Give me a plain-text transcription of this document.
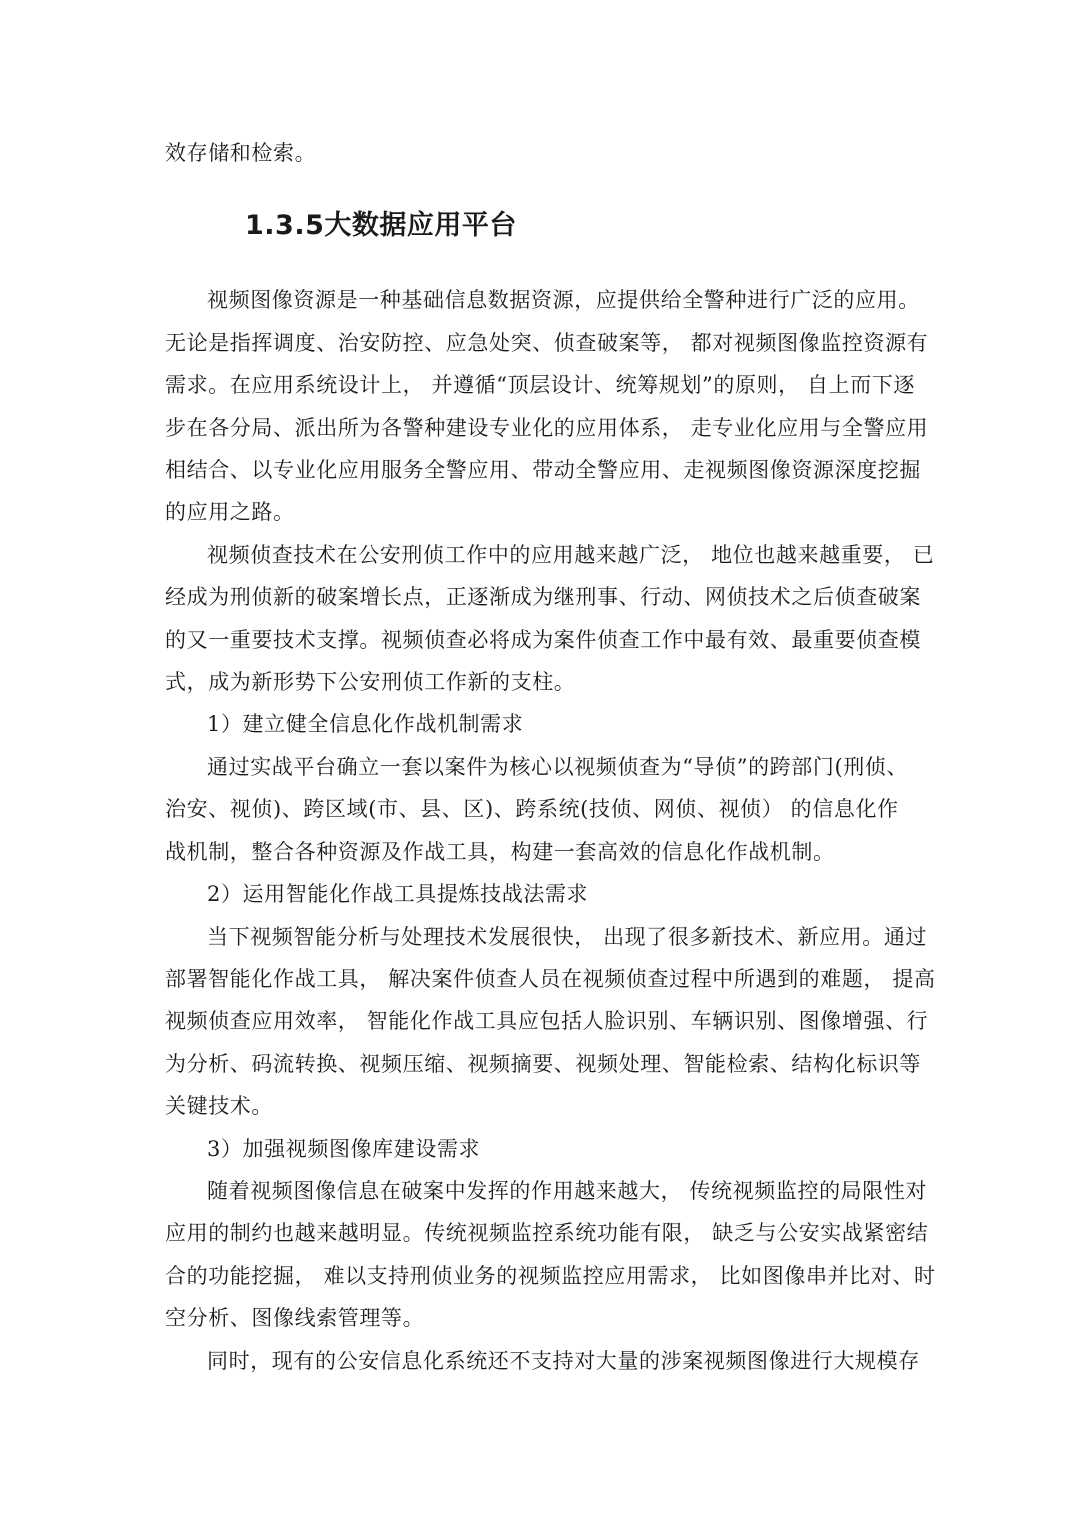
效存储和检索。
1.3.5大数据应用平台
视频图像资源是一种基础信息数据资源，应提供给全警种进行广泛的应用。
无论是指挥调度、治安防控、应急处突、侦查破案等， 都对视频图像监控资源有
需求。在应用系统设计上， 并遵循“顶层设计、统筹规划”的原则， 自上而下逐
步在各分局、派出所为各警种建设专业化的应用体系， 走专业化应用与全警应用
相结合、以专业化应用服务全警应用、带动全警应用、走视频图像资源深度挖掘
的应用之路。
视频侦查技术在公安刑侦工作中的应用越来越广泛， 地位也越来越重要， 已
经成为刑侦新的破案增长点，正逐渐成为继刑事、行动、网侦技术之后侦查破案
的又一重要技术支撑。视频侦查必将成为案件侦查工作中最有效、最重要侦查模
式，成为新形势下公安刑侦工作新的支柱。
1）建立健全信息化作战机制需求
通过实战平台确立一套以案件为核心以视频侦查为“导侦”的跨部门(刑侦、
治安、视侦)、跨区域(市、县、区)、跨系统(技侦、网侦、视侦） 的信息化作
战机制，整合各种资源及作战工具，构建一套高效的信息化作战机制。
2）运用智能化作战工具提炼技战法需求
当下视频智能分析与处理技术发展很快， 出现了很多新技术、新应用。通过
部署智能化作战工具， 解决案件侦查人员在视频侦查过程中所遇到的难题， 提高
视频侦查应用效率， 智能化作战工具应包括人脸识别、车辆识别、图像增强、行
为分析、码流转换、视频压缩、视频摘要、视频处理、智能检索、结构化标识等
关键技术。
3）加强视频图像库建设需求
随着视频图像信息在破案中发挥的作用越来越大， 传统视频监控的局限性对
应用的制约也越来越明显。传统视频监控系统功能有限， 缺乏与公安实战紧密结
合的功能挖掘， 难以支持刑侦业务的视频监控应用需求， 比如图像串并比对、时
空分析、图像线索管理等。
同时，现有的公安信息化系统还不支持对大量的涉案视频图像进行大规模存
